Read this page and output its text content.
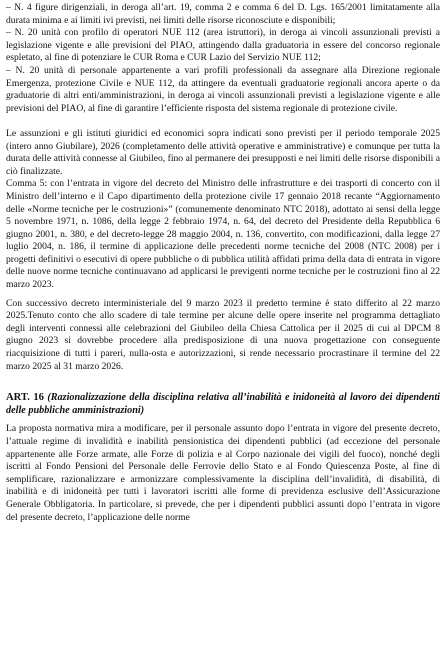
– N. 4 figure dirigenziali, in deroga all’art. 19, comma 2 e comma 6 del D. Lgs. 165/2001 limitatamente alla durata minima e ai limiti ivi previsti, nei limiti delle risorse riconosciute e disponibili;

– N. 20 unità con profilo di operatori NUE 112 (area istruttori), in deroga ai vincoli assunzionali previsti a legislazione vigente e alle previsioni del PIAO, attingendo dalla graduatoria in essere del concorso regionale espletato, al fine di potenziare le CUR Roma e CUR Lazio del Servizio NUE 112;

– N. 20 unità di personale appartenente a vari profili professionali da assegnare alla Direzione regionale Emergenza, protezione Civile e NUE 112, da attingere da eventuali graduatorie regionali ancora aperte o da graduatorie di altri enti/amministrazioni, in deroga ai vincoli assunzionali previsti a legislazione vigente e alle previsioni del PIAO, al fine di garantire l’efficiente risposta del sistema regionale di protezione civile.

Le assunzioni e gli istituti giuridici ed economici sopra indicati sono previsti per il periodo temporale 2025 (intero anno Giubilare), 2026 (completamento delle attività operative e amministrative) e comunque per tutta la durata delle attività connesse al Giubileo, fino al permanere dei presupposti e nei limiti delle risorse disponibili a ciò finalizzate.

Comma 5: con l’entrata in vigore del decreto del Ministro delle infrastrutture e dei trasporti di concerto con il Ministro dell’interno e il Capo dipartimento della protezione civile 17 gennaio 2018 recante “Aggiornamento delle «Norme tecniche per le costruzioni»” (comunemente denominato NTC 2018), adottato ai sensi della legge 5 novembre 1971, n. 1086, della legge 2 febbraio 1974, n. 64, del decreto del Presidente della Repubblica 6 giugno 2001, n. 380, e del decreto-legge 28 maggio 2004, n. 136, convertito, con modificazioni, dalla legge 27 luglio 2004, n. 186, il termine di applicazione delle precedenti norme tecniche del 2008 (NTC 2008) per i progetti definitivi o esecutivi di opere pubbliche o di pubblica utilità affidati prima della data di entrata in vigore delle nuove norme tecniche continuavano ad applicarsi le previgenti norme tecniche per le costruzioni fino al 22 marzo 2023.

Con successivo decreto interministeriale del 9 marzo 2023 il predetto termine è stato differito al 22 marzo 2025.Tenuto conto che allo scadere di tale termine per alcune delle opere inserite nel programma dettagliato degli interventi connessi alle celebrazioni del Giubileo della Chiesa Cattolica per il 2025 di cui al DPCM 8 giugno 2023 si dovrebbe procedere alla predisposizione di una nuova progettazione con conseguente riacquisizione di tutti i pareri, nulla-osta e autorizzazioni, si rende necessario procrastinare il termine del 22 marzo 2025 al 31 marzo 2026.

ART. 16 (Razionalizzazione della disciplina relativa all’inabilità e inidoneità al lavoro dei dipendenti delle pubbliche amministrazioni)

La proposta normativa mira a modificare, per il personale assunto dopo l’entrata in vigore del presente decreto, l’attuale regime di invalidità e inabilità pensionistica dei dipendenti pubblici (ad eccezione del personale appartenente alle Forze armate, alle Forze di polizia e al Corpo nazionale dei vigili del fuoco), nonché degli iscritti al Fondo Pensioni del Personale delle Ferrovie dello Stato e al Fondo Quiescenza Poste, al fine di semplificare, razionalizzare e armonizzare complessivamente la disciplina dell’invalidità, di disabilità, di inabilità e di inidoneità per tutti i lavoratori iscritti alle forme di previdenza esclusive dell’Assicurazione Generale Obbligatoria. In particolare, si prevede, che per i dipendenti pubblici assunti dopo l’entrata in vigore del presente decreto, l’applicazione delle norme
